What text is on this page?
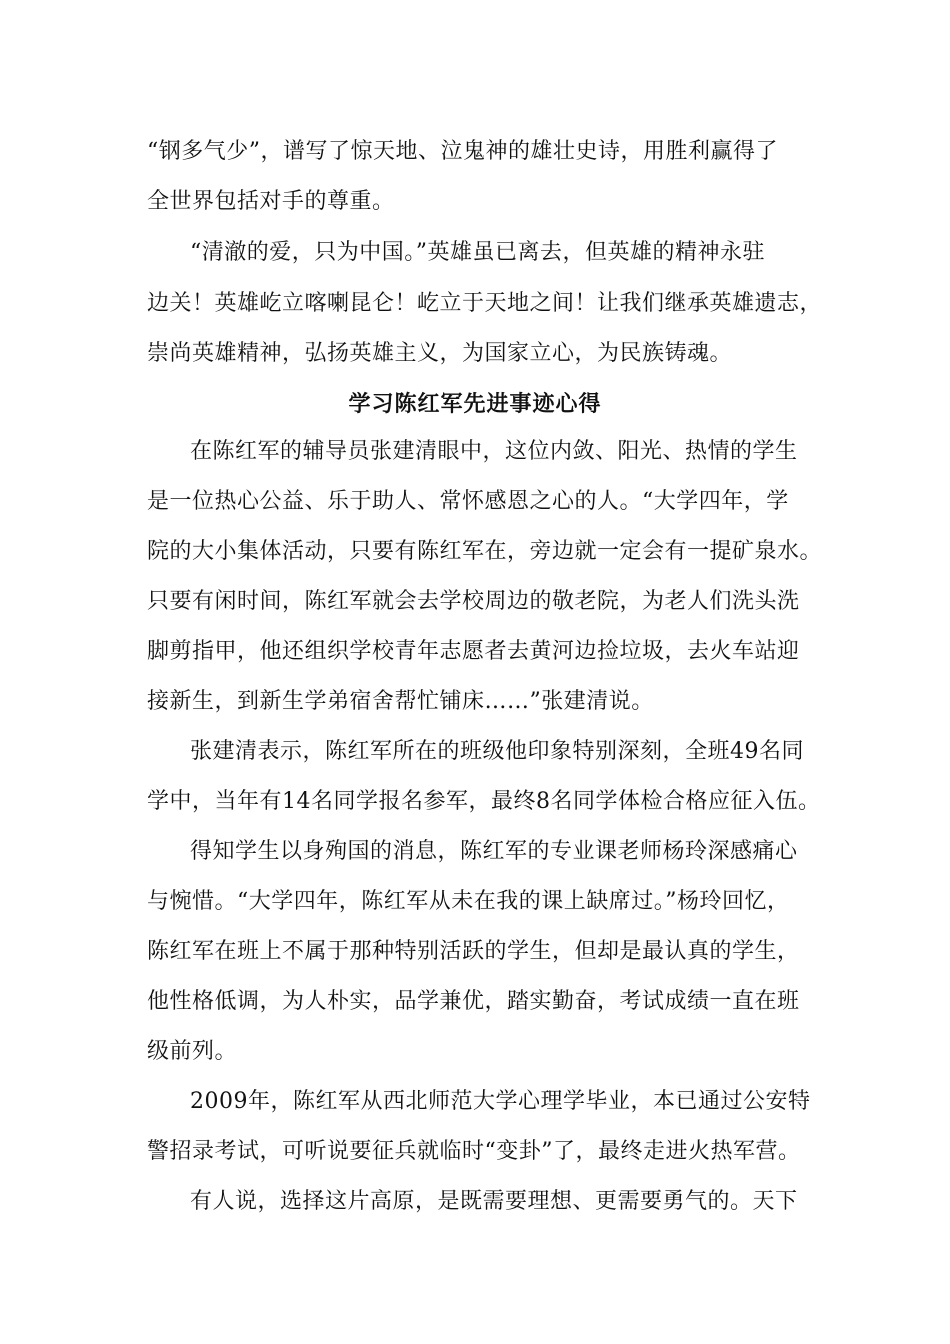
“钢多气少”，谱写了惊天地、泣鬼神的雄壮史诗，用胜利赢得了
全世界包括对手的尊重。
“清澈的爱，只为中国。”英雄虽已离去，但英雄的精神永驻
边关！英雄屹立喀喇昆仑！屹立于天地之间！让我们继承英雄遗志，
崇尚英雄精神，弘扬英雄主义，为国家立心，为民族铸魂。
学习陈红军先进事迹心得
在陈红军的辅导员张建清眼中，这位内敛、阳光、热情的学生
是一位热心公益、乐于助人、常怀感恩之心的人。“大学四年，学
院的大小集体活动，只要有陈红军在，旁边就一定会有一提矿泉水。
只要有闲时间，陈红军就会去学校周边的敬老院，为老人们洗头洗
脚剪指甲，他还组织学校青年志愿者去黄河边捡垃圾，去火车站迎
接新生，到新生学弟宿舍帮忙铺床……”张建清说。
张建清表示，陈红军所在的班级他印象特别深刻，全班49名同
学中，当年有14名同学报名参军，最终8名同学体检合格应征入伍。
得知学生以身殉国的消息，陈红军的专业课老师杨玲深感痛心
与惋惜。“大学四年，陈红军从未在我的课上缺席过。”杨玲回忆，
陈红军在班上不属于那种特别活跃的学生，但却是最认真的学生，
他性格低调，为人朴实，品学兼优，踏实勤奋，考试成绩一直在班
级前列。
2009年，陈红军从西北师范大学心理学毕业，本已通过公安特
警招录考试，可听说要征兵就临时“变卦”了，最终走进火热军营。
有人说，选择这片高原，是既需要理想、更需要勇气的。天下
